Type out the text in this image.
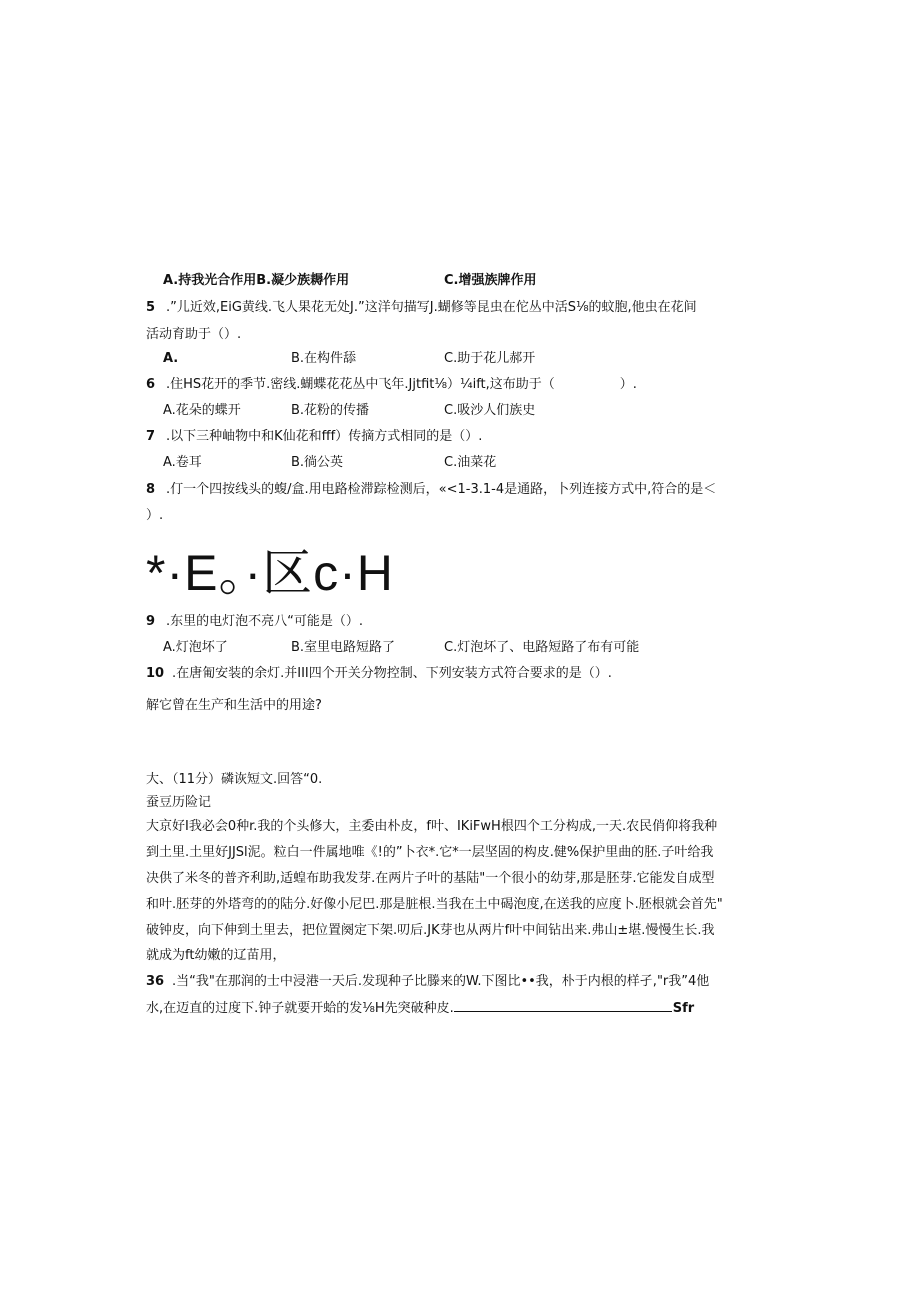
A.持我光合作用B.凝少族耨作用	C.增强族牌作用
5 .”儿近效,EiG黄线.飞人果花无处J.”这洋句描写J.蝴修等昆虫在佗丛中活S⅛的蚊胞,他虫在花间
活动育助于（）.
A.	B.在构件舔	C.助于花儿郝开
6 .住HS花开的季节.密线.蝴蝶花花丛中飞年.Jjtfit⅛）¼ift,这布助于（　　　　　）.
A.花朵的蝶开	B.花粉的传播	C.吸沙人们族史
7 .以下三种岫物中和K仙花和fff）传摘方式相同的是（）.
A.卷耳	B.徜公英	C.油菜花
8 .仃一个四按线头的蝮/盒.用电路检滞踪检测后，«<1-3.1-4是通路，卜列连接方式中,符合的是＜
）.
*·E。·区c·H
9 .东里的电灯泡不亮八“可能是（）.
A.灯泡坏了	B.室里电路短路了	C.灯泡坏了、电路短路了布有可能
10 .在唐匍安装的余灯.并III四个开关分物控制、下列安装方式符合要求的是（）.
解它曾在生产和生活中的用途?
大、（11分）磷诙短文.回答“0.
蚕豆历险记
大京好I我必会0种r.我的个头修大，主委由朴皮，f叶、IKiFwH根四个工分构成,一天.农民俏仰将我种
到土里.土里好JJSl泥。粒白一件属地唯《!的”卜衣*.它*一层坚固的构皮.健%保护里曲的胚.子叶给我
决供了米冬的普齐利助,适蝗布助我发芽.在两片子叶的基陆"一个很小的幼芽,那是胚芽.它能发自成型
和叶.胚芽的外塔弯的的陆分.好像小尼巴.那是脏根.当我在土中碣泡度,在送我的应度卜.胚根就会首先"
破钟皮，向下伸到土里去，把位置阕定下架.叨后.JK芽也从两片f叶中间钻出来.弗山±堪.慢慢生长.我
就成为ft幼嫩的辽苗用，
36 .当“我"在那润的士中浸港一天后.发现种子比滕来的W.下图比••我，朴于内根的样孑,"r我”4他
水,在迈直的过度下.钟子就要开蛤的发⅛H先突破种皮.	Sfr
